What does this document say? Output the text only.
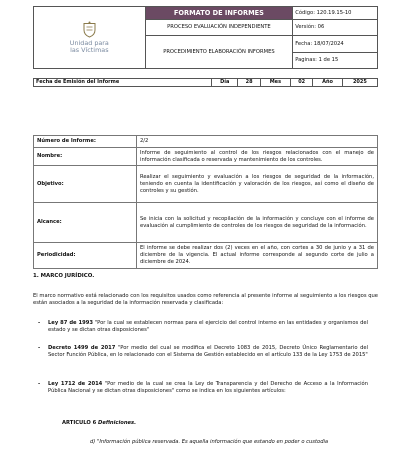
Unidad para
las Víctimas	FORMATO DE INFORMES	Código: 120.19.15-10
	PROCESO EVALUACIÓN INDEPENDIENTE	Versión: 06
	PROCEDIMIENTO ELABORACIÓN INFORMES	Fecha: 18/07/2024
		Paginas: 1 de 15
Fecha de Emisión del Informe	Día	28	Mes	02	Año	2025
Número de Informe:	2/2
Nombre:	Informe de seguimiento al control de los riesgos relacionados con el manejo de información clasificada o reservada y mantenimiento de los controles.
Objetivo:	Realizar el seguimiento y evaluación a los riesgos de seguridad de la información, teniendo en cuenta la identificación y valoración de los riesgos, así como el diseño de controles y su gestión.
Alcance:	Se inicia con la solicitud y recopilación de la información y concluye con el informe de evaluación al cumplimiento de controles de los riesgos de seguridad de la información.
Periodicidad:	El informe se debe realizar dos (2) veces en el año, con cortes a 30 de junio y a 31 de diciembre de la vigencia. El actual informe corresponde al segundo corte de julio a diciembre de 2024.
1. MARCO JURÍDICO.
El marco normativo está relacionado con los requisitos usados como referencia al presente informe al seguimiento a los riesgos que están asociados a la seguridad de la información reservada y clasificada:
- Ley 87 de 1993 "Por la cual se establecen normas para el ejercicio del control interno en las entidades y organismos del estado y se dictan otras disposiciones"
- Decreto 1499 de 2017 "Por medio del cual se modifica el Decreto 1083 de 2015, Decreto Único Reglamentario del Sector Función Pública, en lo relacionado con el Sistema de Gestión establecido en el artículo 133 de la Ley 1753 de 2015"
- Ley 1712 de 2014 "Por medio de la cual se crea la Ley de Transparencia y del Derecho de Acceso a la Información Pública Nacional y se dictan otras disposiciones" como se indica en los siguientes artículos:
ARTICULO 6 Definiciones.
d) "Información pública reservada. Es aquella información que estando en poder o custodia
